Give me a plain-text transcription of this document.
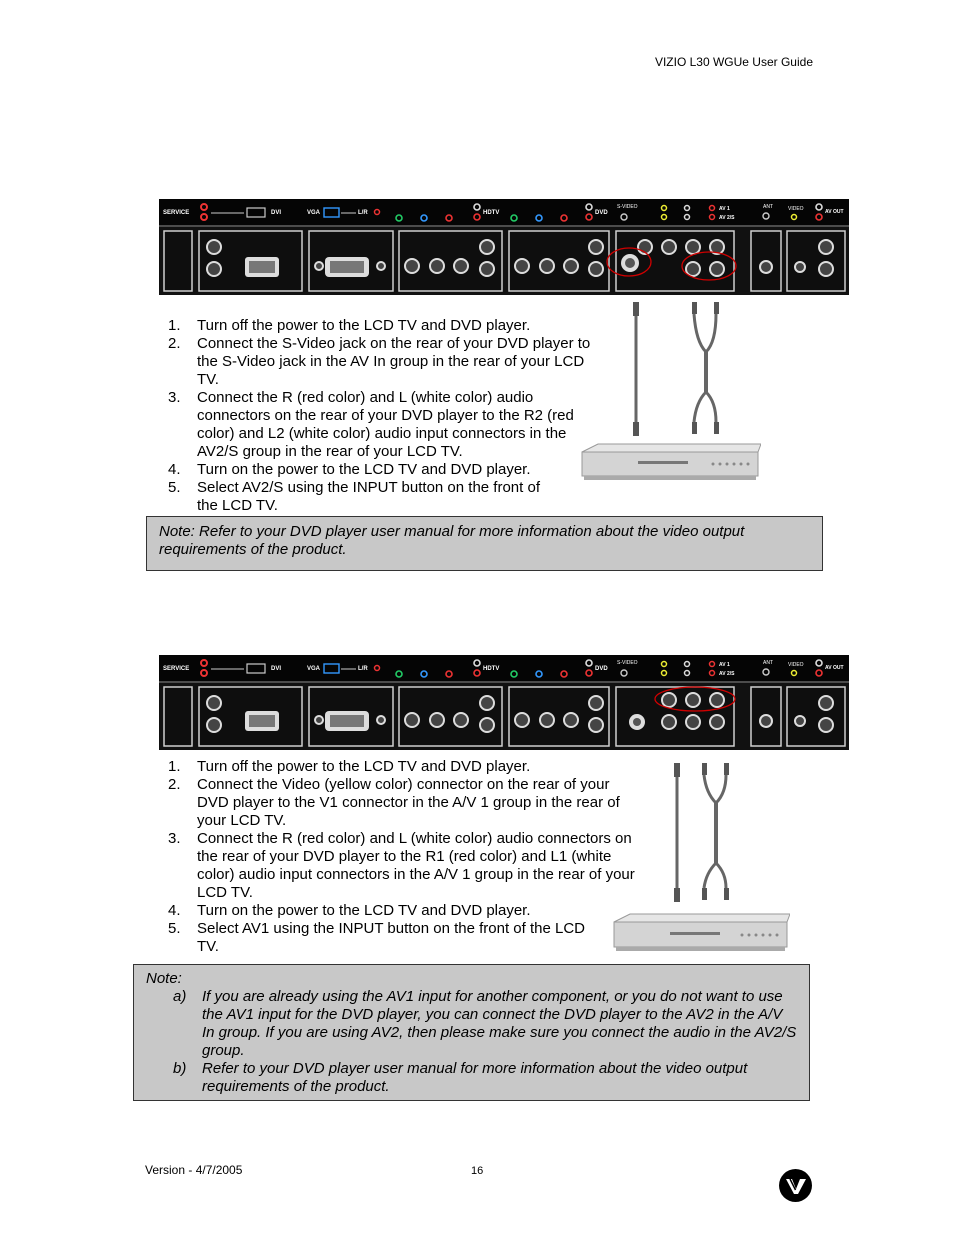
VIZIO L30 WGUe User Guide
SERVICE	DVI	VGA	L/R	HDTV	DVD
S-VIDEO	AV 1
AV 2/S
ANT	VIDEO	AV OUT
1. Turn off the power to the LCD TV and DVD player.
2. Connect the S-Video jack on the rear of your DVD player to the S-Video jack in the AV In group in the rear of your LCD TV.
3. Connect the R (red color) and L (white color) audio connectors on the rear of your DVD player to the R2 (red color) and L2 (white color) audio input connectors in the AV2/S group in the rear of your LCD TV.
4. Turn on the power to the LCD TV and DVD player.
5. Select AV2/S using the INPUT button on the front of the LCD TV.
Note: Refer to your DVD player user manual for more information about the video output requirements of the product.
SERVICE	DVI	VGA	L/R	HDTV	DVD
S-VIDEO	AV 1
AV 2/S
ANT	VIDEO	AV OUT
1. Turn off the power to the LCD TV and DVD player.
2. Connect the Video (yellow color) connector on the rear of your DVD player to the V1 connector in the A/V 1 group in the rear of your LCD TV.
3. Connect the R (red color) and L (white color) audio connectors on the rear of your DVD player to the R1 (red color) and L1 (white color) audio input connectors in the A/V 1 group in the rear of your LCD TV.
4. Turn on the power to the LCD TV and DVD player.
5. Select AV1 using the INPUT button on the front of the LCD TV.
Note:
a) If you are already using the AV1 input for another component, or you do not want to use the AV1 input for the DVD player, you can connect the DVD player to the AV2 in the A/V In group. If you are using AV2, then please make sure you connect the audio in the AV2/S group.
b) Refer to your DVD player user manual for more information about the video output requirements of the product.
Version - 4/7/2005	16
